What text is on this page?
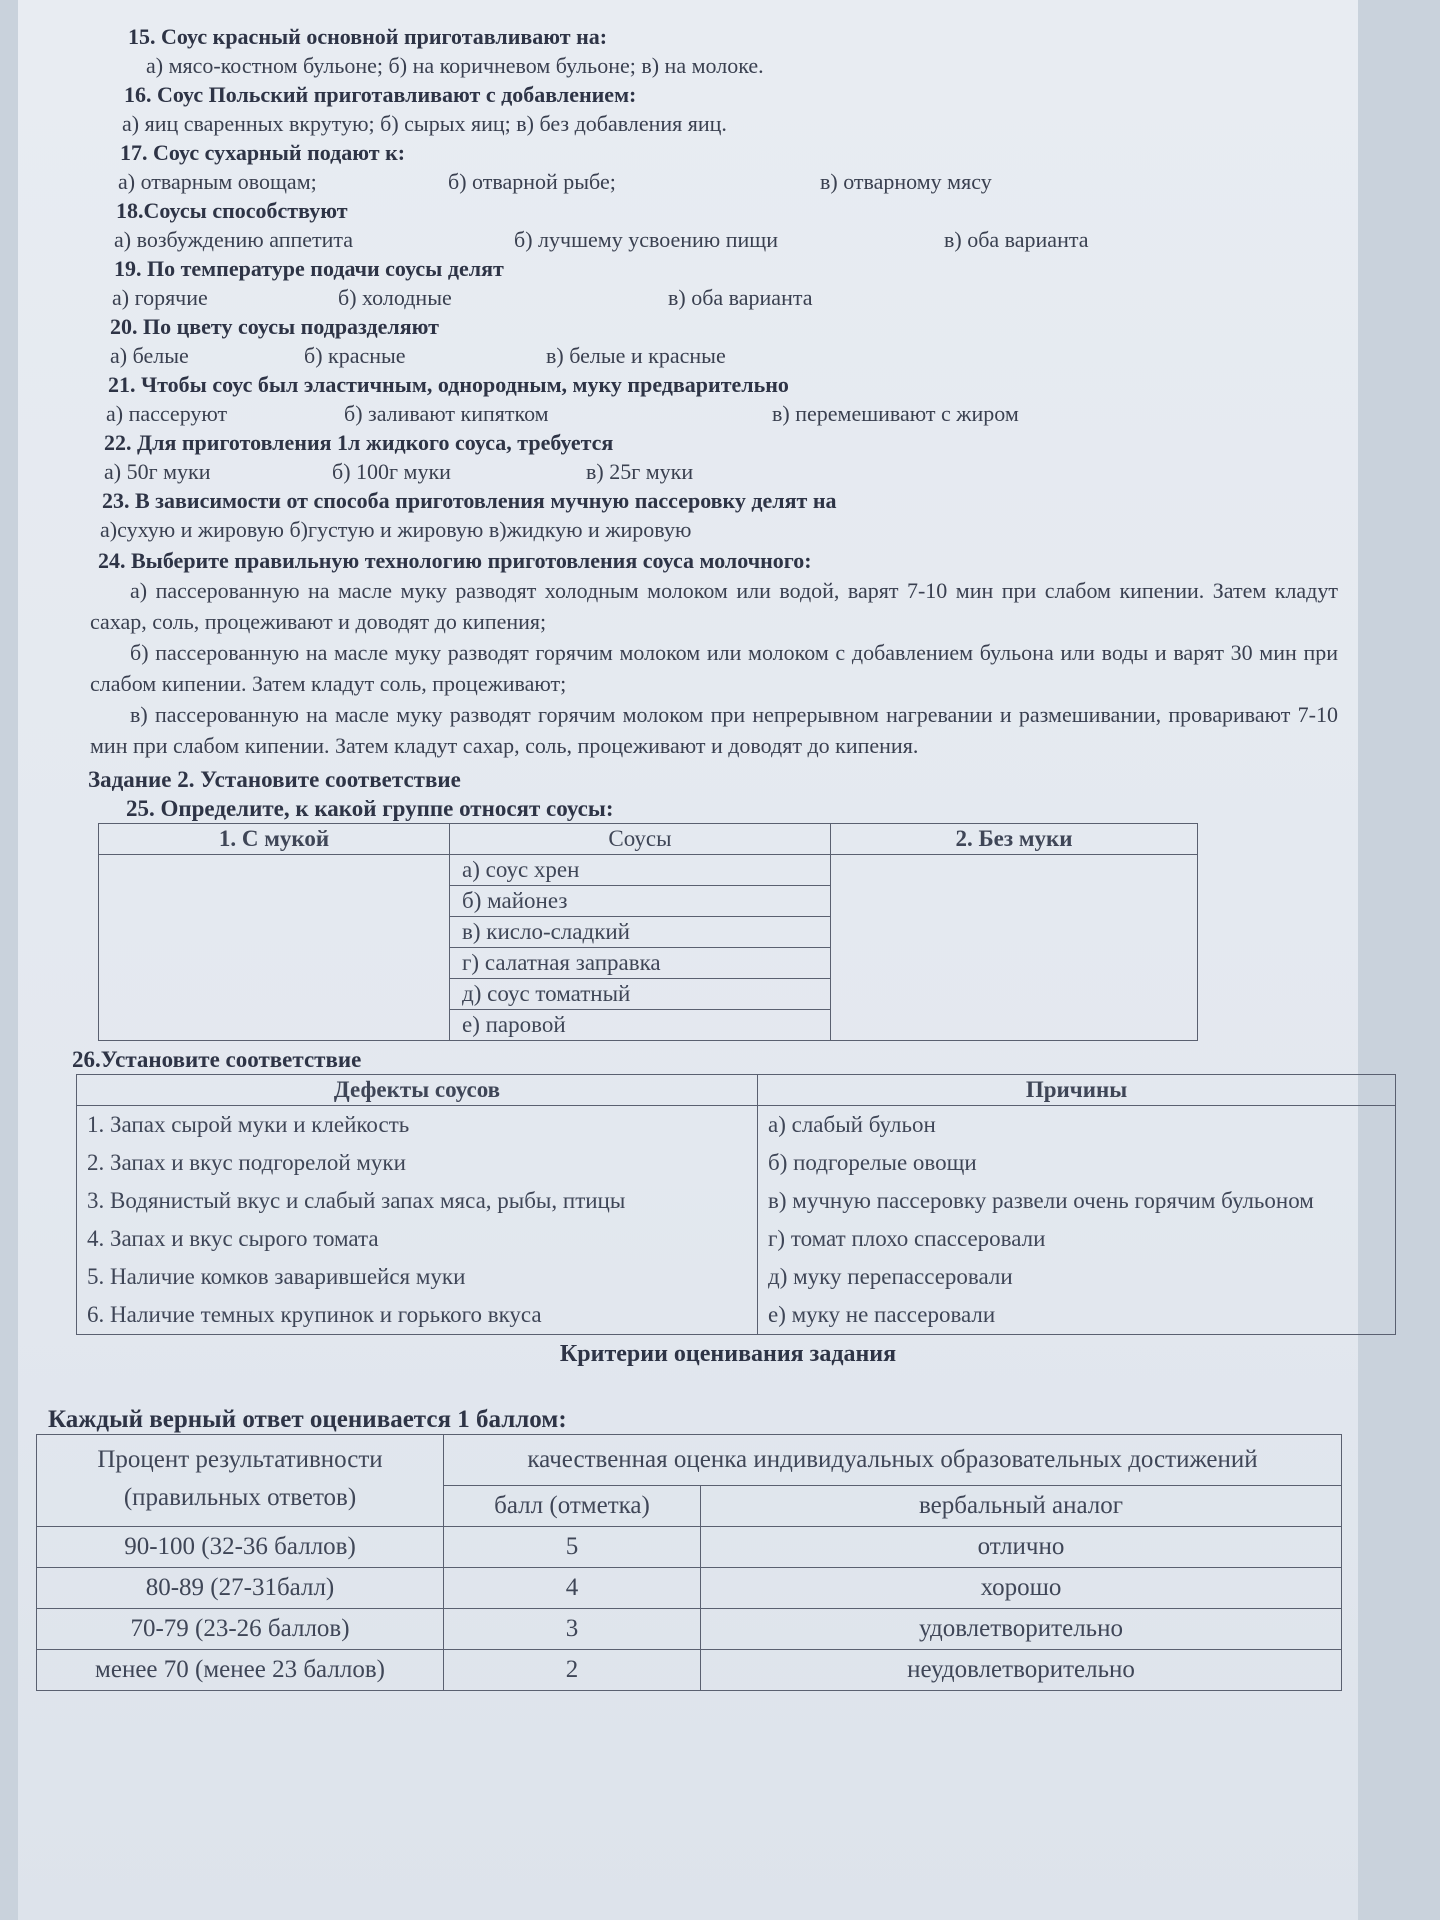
15. Соус красный основной приготавливают на:

а) мясо-костном бульоне; б) на коричневом бульоне; в) на молоке.

16. Соус Польский приготавливают с добавлением:

а) яиц сваренных вкрутую; б) сырых яиц; в) без добавления яиц.

17. Соус сухарный подают к:

а) отварным овощам;	б) отварной рыбе;	в) отварному мясу

18.Соусы способствуют

а) возбуждению аппетита	б) лучшему усвоению пищи	в) оба варианта

19. По температуре подачи соусы делят

а) горячие	б) холодные	в) оба варианта

20. По цвету соусы подразделяют

а) белые	б) красные	в) белые и красные

21. Чтобы соус был эластичным, однородным, муку предварительно

а) пассеруют	б) заливают кипятком	в) перемешивают с жиром

22. Для приготовления 1л жидкого соуса, требуется

а) 50г муки	б) 100г муки	в) 25г муки

23. В зависимости от способа приготовления мучную пассеровку делят на

а)сухую и жировую б)густую и жировую в)жидкую и жировую

24. Выберите правильную технологию приготовления соуса молочного:

а) пассерованную на масле муку разводят холодным молоком или водой, варят 7-10 мин при слабом кипении. Затем кладут сахар, соль, процеживают и доводят до кипения;

б) пассерованную на масле муку разводят горячим молоком или молоком с добавлением бульона или воды и варят 30 мин при слабом кипении. Затем кладут соль, процеживают;

в) пассерованную на масле муку разводят горячим молоком при непрерывном нагревании и размешивании, проваривают 7-10 мин при слабом кипении. Затем кладут сахар, соль, процеживают и доводят до кипения.

Задание 2. Установите соответствие

25. Определите, к какой группе относят соусы:

1. С мукой	Соусы	2. Без муки
	а) соус хрен	
	б) майонез	
	в) кисло-сладкий	
	г) салатная заправка	
	д) соус томатный	
	е) паровой	

26.Установите соответствие

Дефекты соусов	Причины
1. Запах сырой муки и клейкость	а) слабый бульон
2. Запах и вкус подгорелой муки	б) подгорелые овощи
3. Водянистый вкус и слабый запах мяса, рыбы, птицы	в) мучную пассеровку развели очень горячим бульоном
4. Запах и вкус сырого томата	г) томат плохо спассеровали
5. Наличие комков заварившейся муки	д) муку перепассеровали
6. Наличие темных крупинок и горького вкуса	е) муку не пассеровали

Критерии оценивания задания

Каждый верный ответ оценивается 1 баллом:

Процент результативности (правильных ответов)	качественная оценка индивидуальных образовательных достижений	
	балл (отметка)	вербальный аналог
90-100 (32-36 баллов)	5	отлично
80-89 (27-31балл)	4	хорошо
70-79 (23-26 баллов)	3	удовлетворительно
менее 70 (менее 23 баллов)	2	неудовлетворительно
